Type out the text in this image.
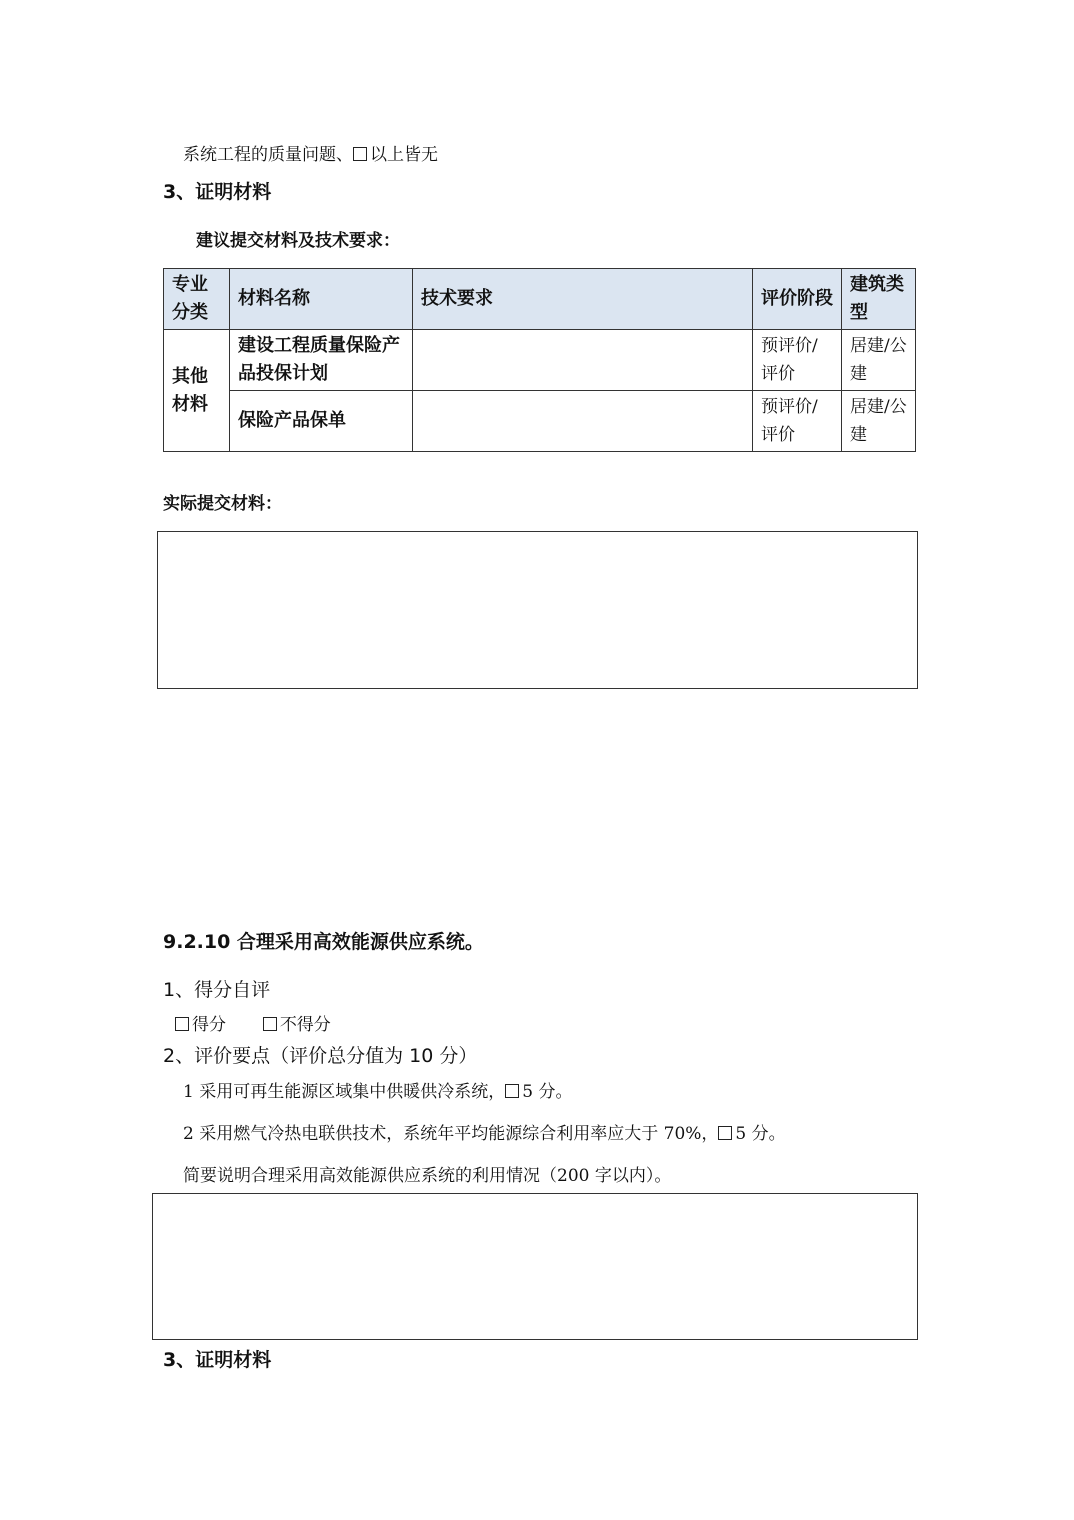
系统工程的质量问题、 以上皆无
3、证明材料
建议提交材料及技术要求：
专业分类	材料名称	技术要求	评价阶段	建筑类型
其他材料	建设工程质量保险产品投保计划		预评价/评价	居建/公建
	保险产品保单		预评价/评价	居建/公建
实际提交材料：
9.2.10 合理采用高效能源供应系统。
1、得分自评
得分	不得分
2、评价要点（评价总分值为 10 分）
1 采用可再生能源区域集中供暖供冷系统， 5 分。
2 采用燃气冷热电联供技术，系统年平均能源综合利用率应大于 70%， 5 分。
简要说明合理采用高效能源供应系统的利用情况（200 字以内）。
3、证明材料
